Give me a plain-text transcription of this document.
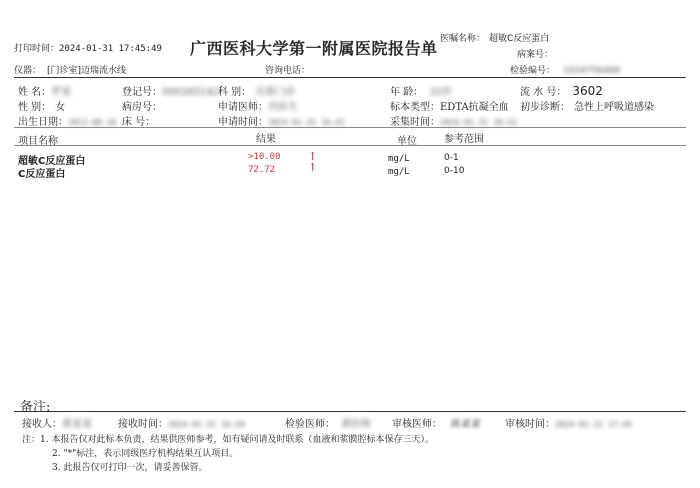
打印时间：2024-01-31 17:45:49 广西医科大学第一附属医院报告单 医嘱名称： 超敏C反应蛋白
病案号：
仪器： [门诊室]迈瑞流水线	咨询电话：	检验编号： 1024756468
姓 名：罗某	登记号：000265142
科 别： 耳鼻门诊	年 龄： 33岁	流 水 号： 3602
性 别： 女	病房号：	申请医师：肖医生	标本类型：EDTA抗凝全血 初步诊断： 急性上呼吸道感染
出生日期：2013-09-10 床 号：	申请时间：2024-01-31 16:41	采集时间：2024-01-31 16:52
项目名称	结果	单位	参考范围
超敏C反应蛋白	>10.00 ↑	mg/L	0-1
C反应蛋白	72.72	↑	mg/L	0-10
备注:
接收人：黄某某	接收时间：2024-01-31 16:59	检验医师： 黄医师 审核医师： 陈某某	审核时间：2024-01-31 17:45
注：1. 本报告仅对此标本负责，结果供医师参考，如有疑问请及时联系（血液和浆膜腔标本保存三天）。
2. "*"标注，表示同级医疗机构结果互认项目。
3. 此报告仅可打印一次，请妥善保管。
